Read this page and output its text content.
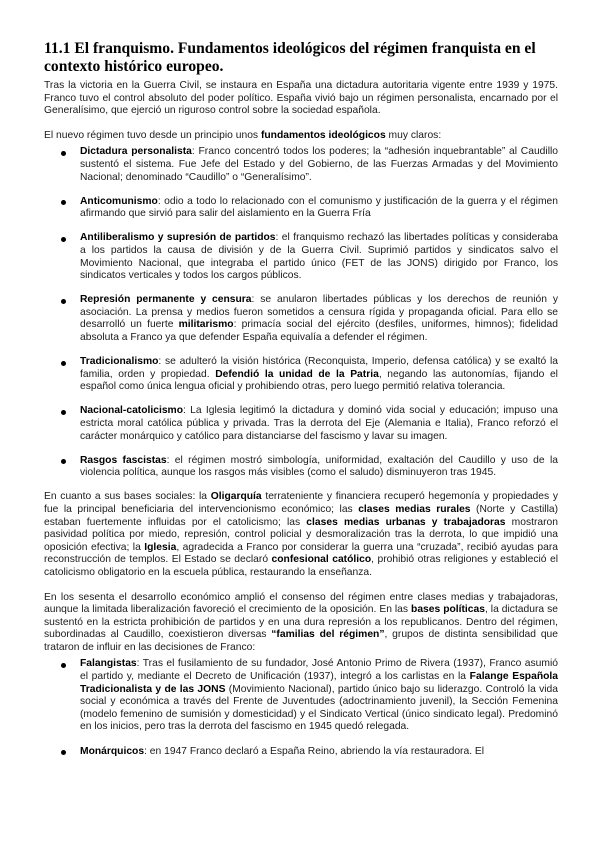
11.1 El franquismo. Fundamentos ideológicos del régimen franquista en el contexto histórico europeo.

Tras la victoria en la Guerra Civil, se instaura en España una dictadura autoritaria vigente entre 1939 y 1975. Franco tuvo el control absoluto del poder político. España vivió bajo un régimen personalista, encarnado por el Generalísimo, que ejerció un riguroso control sobre la sociedad española.

El nuevo régimen tuvo desde un principio unos fundamentos ideológicos muy claros:

Dictadura personalista: Franco concentró todos los poderes; la “adhesión inquebrantable” al Caudillo sustentó el sistema. Fue Jefe del Estado y del Gobierno, de las Fuerzas Armadas y del Movimiento Nacional; denominado “Caudillo” o “Generalísimo”.
Anticomunismo: odio a todo lo relacionado con el comunismo y justificación de la guerra y el régimen afirmando que sirvió para salir del aislamiento en la Guerra Fría
Antiliberalismo y supresión de partidos: el franquismo rechazó las libertades políticas y consideraba a los partidos la causa de división y de la Guerra Civil. Suprimió partidos y sindicatos salvo el Movimiento Nacional, que integraba el partido único (FET de las JONS) dirigido por Franco, los sindicatos verticales y todos los cargos públicos.
Represión permanente y censura: se anularon libertades públicas y los derechos de reunión y asociación. La prensa y medios fueron sometidos a censura rígida y propaganda oficial. Para ello se desarrolló un fuerte militarismo: primacía social del ejército (desfiles, uniformes, himnos); fidelidad absoluta a Franco ya que defender España equivalía a defender el régimen.
Tradicionalismo: se adulteró la visión histórica (Reconquista, Imperio, defensa católica) y se exaltó la familia, orden y propiedad. Defendió la unidad de la Patria, negando las autonomías, fijando el español como única lengua oficial y prohibiendo otras, pero luego permitió relativa tolerancia.
Nacional-catolicismo: La Iglesia legitimó la dictadura y dominó vida social y educación; impuso una estricta moral católica pública y privada. Tras la derrota del Eje (Alemania e Italia), Franco reforzó el carácter monárquico y católico para distanciarse del fascismo y lavar su imagen.
Rasgos fascistas: el régimen mostró simbología, uniformidad, exaltación del Caudillo y uso de la violencia política, aunque los rasgos más visibles (como el saludo) disminuyeron tras 1945.

En cuanto a sus bases sociales: la Oligarquía terrateniente y financiera recuperó hegemonía y propiedades y fue la principal beneficiaria del intervencionismo económico; las clases medias rurales (Norte y Castilla) estaban fuertemente influidas por el catolicismo; las clases medias urbanas y trabajadoras mostraron pasividad política por miedo, represión, control policial y desmoralización tras la derrota, lo que impidió una oposición efectiva; la Iglesia, agradecida a Franco por considerar la guerra una “cruzada”, recibió ayudas para reconstrucción de templos. El Estado se declaró confesional católico, prohibió otras religiones y estableció el catolicismo obligatorio en la escuela pública, restaurando la enseñanza.

En los sesenta el desarrollo económico amplió el consenso del régimen entre clases medias y trabajadoras, aunque la limitada liberalización favoreció el crecimiento de la oposición. En las bases políticas, la dictadura se sustentó en la estricta prohibición de partidos y en una dura represión a los republicanos. Dentro del régimen, subordinadas al Caudillo, coexistieron diversas “familias del régimen”, grupos de distinta sensibilidad que trataron de influir en las decisiones de Franco:

Falangistas: Tras el fusilamiento de su fundador, José Antonio Primo de Rivera (1937), Franco asumió el partido y, mediante el Decreto de Unificación (1937), integró a los carlistas en la Falange Española Tradicionalista y de las JONS (Movimiento Nacional), partido único bajo su liderazgo. Controló la vida social y económica a través del Frente de Juventudes (adoctrinamiento juvenil), la Sección Femenina (modelo femenino de sumisión y domesticidad) y el Sindicato Vertical (único sindicato legal). Predominó en los inicios, pero tras la derrota del fascismo en 1945 quedó relegada.
Monárquicos: en 1947 Franco declaró a España Reino, abriendo la vía restauradora. El
